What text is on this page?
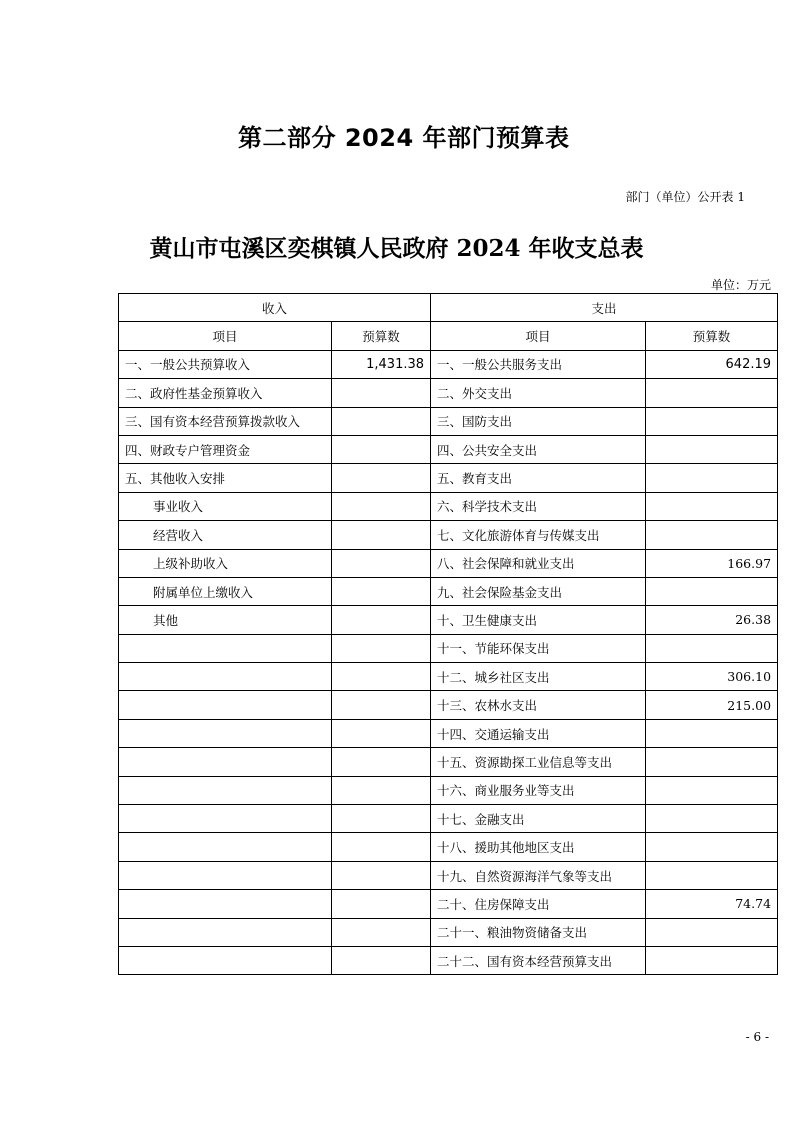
第二部分 2024 年部门预算表
部门（单位）公开表 1
黄山市屯溪区奕棋镇人民政府 2024 年收支总表
单位：万元
收入		支出	
项目	预算数	项目	预算数
一、一般公共预算收入	1,431.38	一、一般公共服务支出	642.19
二、政府性基金预算收入		二、外交支出	
三、国有资本经营预算拨款收入		三、国防支出	
四、财政专户管理资金		四、公共安全支出	
五、其他收入安排		五、教育支出	
事业收入		六、科学技术支出	
经营收入		七、文化旅游体育与传媒支出	
上级补助收入		八、社会保障和就业支出	166.97
附属单位上缴收入		九、社会保险基金支出	
其他		十、卫生健康支出	26.38
		十一、节能环保支出	
		十二、城乡社区支出	306.10
		十三、农林水支出	215.00
		十四、交通运输支出	
		十五、资源勘探工业信息等支出	
		十六、商业服务业等支出	
		十七、金融支出	
		十八、援助其他地区支出	
		十九、自然资源海洋气象等支出	
		二十、住房保障支出	74.74
		二十一、粮油物资储备支出	
		二十二、国有资本经营预算支出	
- 6 -
